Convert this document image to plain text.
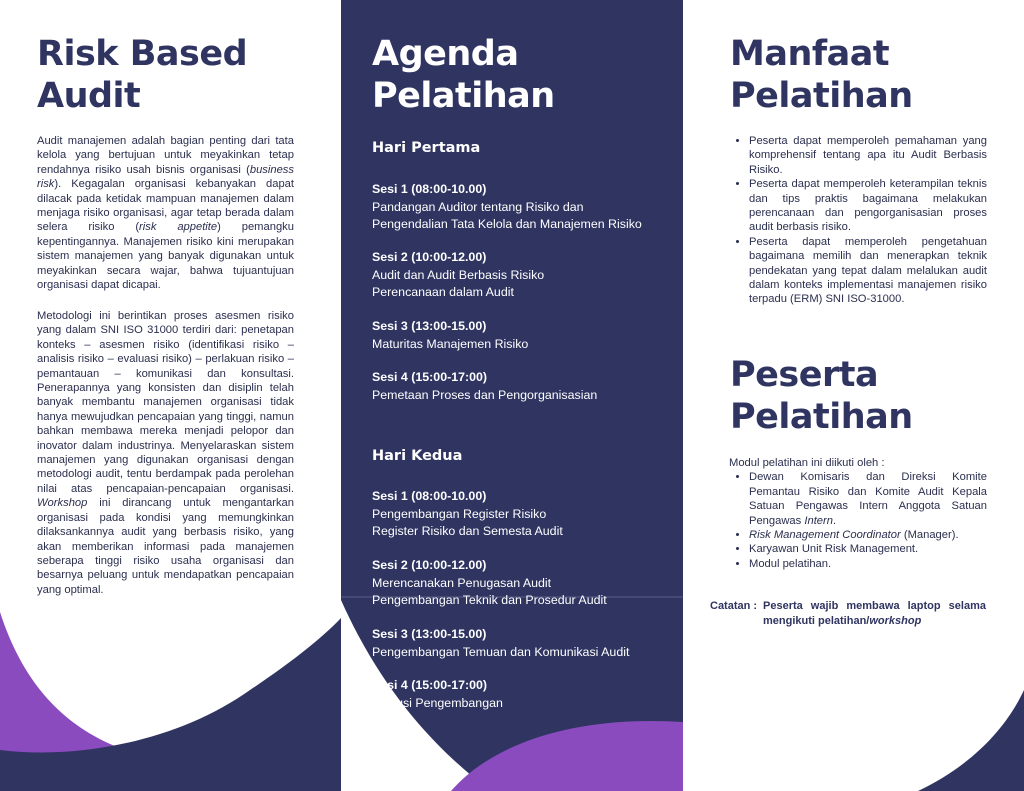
Risk Based
Audit

Audit manajemen adalah bagian penting dari tata kelola yang bertujuan untuk meyakinkan tetap rendahnya risiko usah bisnis organisasi (business risk). Kegagalan organisasi kebanyakan dapat dilacak pada ketidak mampuan manajemen dalam menjaga risiko organisasi, agar tetap berada dalam selera risiko (risk appetite) pemangku kepentingannya. Manajemen risiko kini merupakan sistem manajemen yang banyak digunakan untuk meyakinkan secara wajar, bahwa tujuantujuan organisasi dapat dicapai.

Metodologi ini berintikan proses asesmen risiko yang dalam SNI ISO 31000 terdiri dari: penetapan konteks – asesmen risiko (identifikasi risiko – analisis risiko – evaluasi risiko) – perlakuan risiko – pemantauan – komunikasi dan konsultasi. Penerapannya yang konsisten dan disiplin telah banyak membantu manajemen organisasi tidak hanya mewujudkan pencapaian yang tinggi, namun bahkan membawa mereka menjadi pelopor dan inovator dalam industrinya. Menyelaraskan sistem manajemen yang digunakan organisasi dengan metodologi audit, tentu berdampak pada perolehan nilai atas pencapaian-pencapaian organisasi. Workshop ini dirancang untuk mengantarkan organisasi pada kondisi yang memungkinkan dilaksankannya audit yang berbasis risiko, yang akan memberikan informasi pada manajemen seberapa tinggi risiko usaha organisasi dan besarnya peluang untuk mendapatkan pencapaian yang optimal.

Agenda
Pelatihan
Hari Pertama
Sesi 1 (08:00-10.00)
Pandangan Auditor tentang Risiko dan
Pengendalian Tata Kelola dan Manajemen Risiko
Sesi 2 (10:00-12.00)
Audit dan Audit Berbasis Risiko
Perencanaan dalam Audit
Sesi 3 (13:00-15.00)
Maturitas Manajemen Risiko
Sesi 4 (15:00-17:00)
Pemetaan Proses dan Pengorganisasian
Hari Kedua
Sesi 1 (08:00-10.00)
Pengembangan Register Risiko
Register Risiko dan Semesta Audit
Sesi 2 (10:00-12.00)
Merencanakan Penugasan Audit
Pengembangan Teknik dan Prosedur Audit
Sesi 3 (13:00-15.00)
Pengembangan Temuan dan Komunikasi Audit
Sesi 4 (15:00-17:00)
Diskusi Pengembangan
Manfaat
Pelatihan
• Peserta dapat memperoleh pemahaman yang komprehensif tentang apa itu Audit Berbasis Risiko.
• Peserta dapat memperoleh keterampilan teknis dan tips praktis bagaimana melakukan perencanaan dan pengorganisasian proses audit berbasis risiko.
• Peserta dapat memperoleh pengetahuan bagaimana memilih dan menerapkan teknik pendekatan yang tepat dalam melalukan audit dalam konteks implementasi manajemen risiko terpadu (ERM) SNI ISO-31000.
Peserta
Pelatihan
Modul pelatihan ini diikuti oleh :
• Dewan Komisaris dan Direksi Komite Pemantau Risiko dan Komite Audit Kepala Satuan Pengawas Intern Anggota Satuan Pengawas Intern.
• Risk Management Coordinator (Manager).
• Karyawan Unit Risk Management.
• Modul pelatihan.
Catatan : Peserta wajib membawa laptop selama mengikuti pelatihan/workshop
